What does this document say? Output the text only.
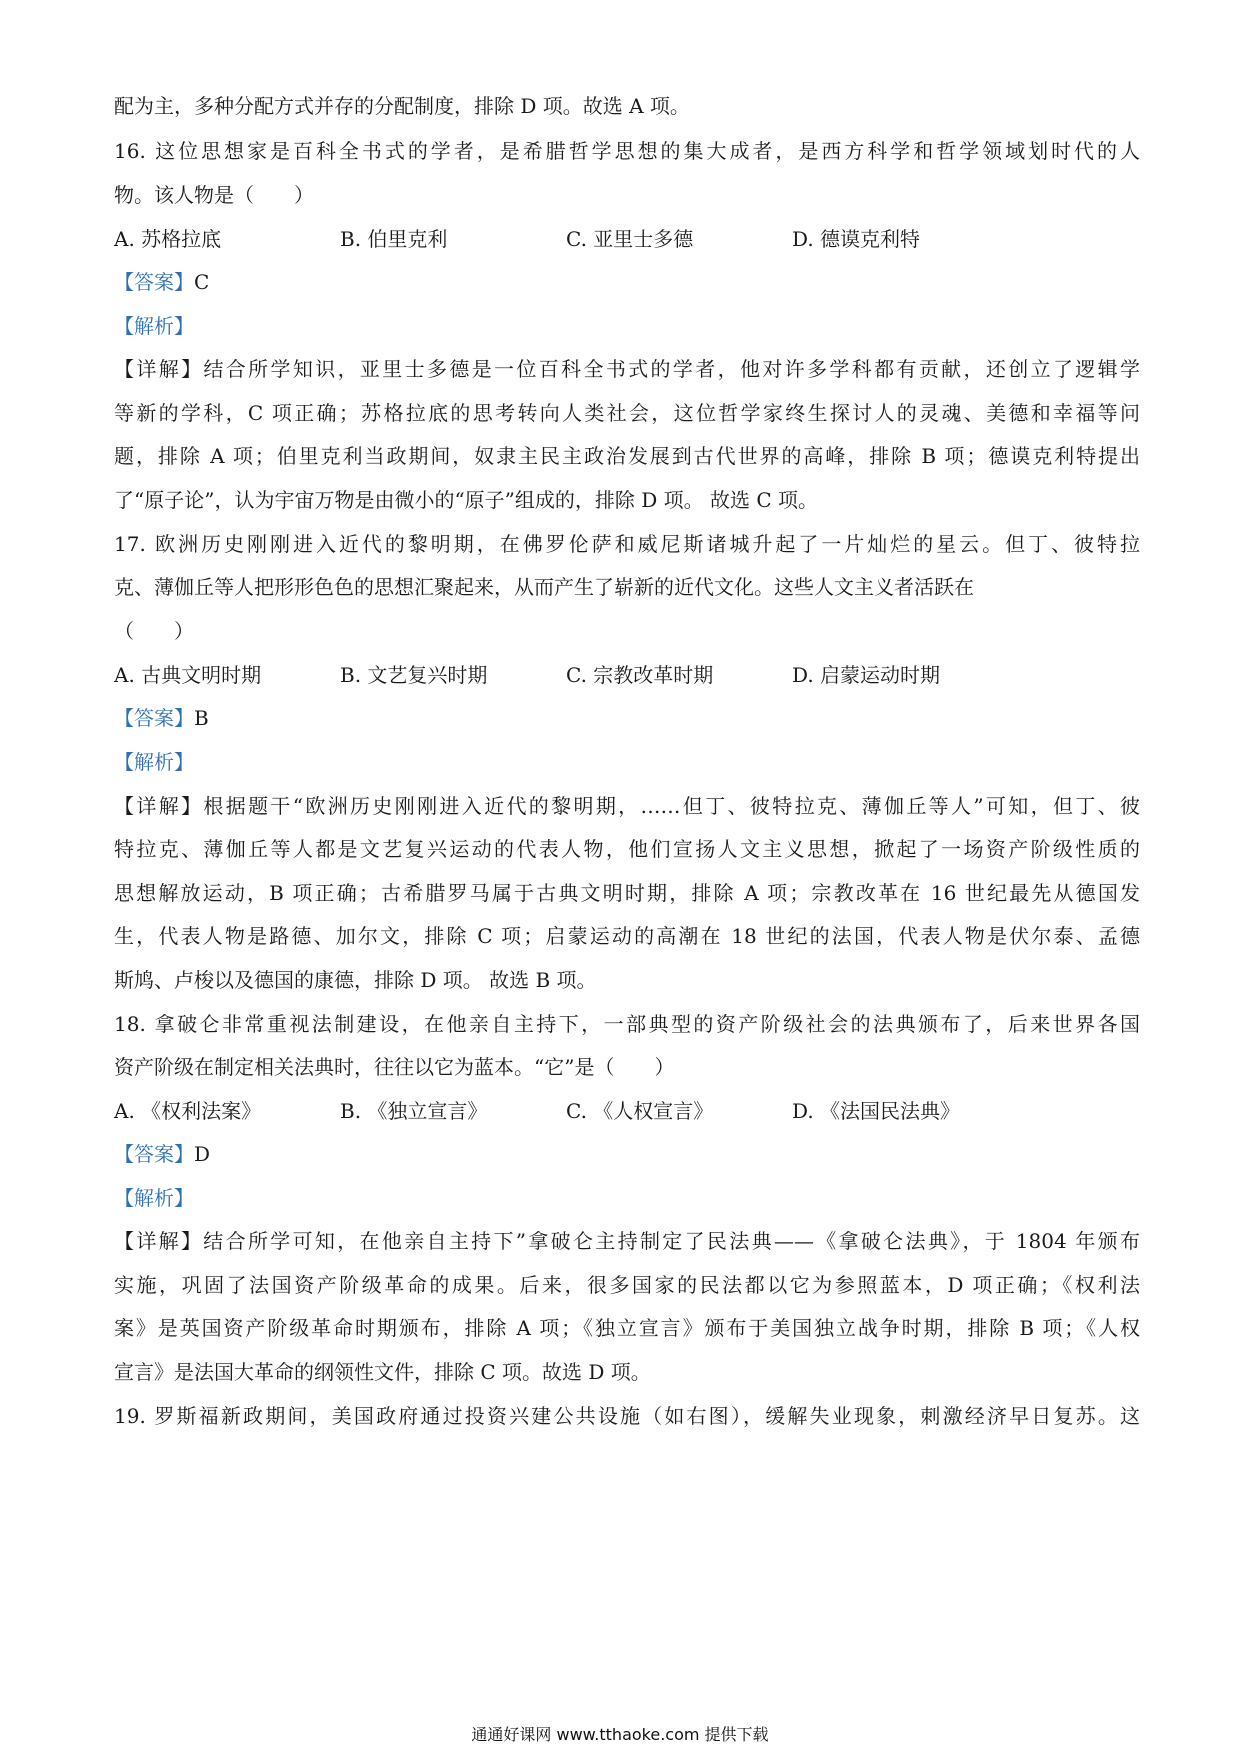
配为主，多种分配方式并存的分配制度，排除 D 项。故选 A 项。
16. 这位思想家是百科全书式的学者，是希腊哲学思想的集大成者，是西方科学和哲学领域划时代的人
物。该人物是（　　）
A. 苏格拉底	B. 伯里克利	C. 亚里士多德	D. 德谟克利特
【答案】C
【解析】
【详解】结合所学知识，亚里士多德是一位百科全书式的学者，他对许多学科都有贡献，还创立了逻辑学
等新的学科，C 项正确；苏格拉底的思考转向人类社会，这位哲学家终生探讨人的灵魂、美德和幸福等问
题，排除 A 项；伯里克利当政期间，奴隶主民主政治发展到古代世界的高峰，排除 B 项；德谟克利特提出
了“原子论”，认为宇宙万物是由微小的“原子”组成的，排除 D 项。 故选 C 项。
17. 欧洲历史刚刚进入近代的黎明期，在佛罗伦萨和威尼斯诸城升起了一片灿烂的星云。但丁、彼特拉
克、薄伽丘等人把形形色色的思想汇聚起来，从而产生了崭新的近代文化。这些人文主义者活跃在
（　　）
A. 古典文明时期	B. 文艺复兴时期	C. 宗教改革时期	D. 启蒙运动时期
【答案】B
【解析】
【详解】根据题干“欧洲历史刚刚进入近代的黎明期，……但丁、彼特拉克、薄伽丘等人”可知，但丁、彼
特拉克、薄伽丘等人都是文艺复兴运动的代表人物，他们宣扬人文主义思想，掀起了一场资产阶级性质的
思想解放运动，B 项正确；古希腊罗马属于古典文明时期，排除 A 项；宗教改革在 16 世纪最先从德国发
生，代表人物是路德、加尔文，排除 C 项；启蒙运动的高潮在 18 世纪的法国，代表人物是伏尔泰、孟德
斯鸠、卢梭以及德国的康德，排除 D 项。 故选 B 项。
18. 拿破仑非常重视法制建设，在他亲自主持下，一部典型的资产阶级社会的法典颁布了，后来世界各国
资产阶级在制定相关法典时，往往以它为蓝本。“它”是（　　）
A. 《权利法案》	B. 《独立宣言》	C. 《人权宣言》	D. 《法国民法典》
【答案】D
【解析】
【详解】结合所学可知，在他亲自主持下”拿破仑主持制定了民法典——《拿破仑法典》，于 1804 年颁布
实施，巩固了法国资产阶级革命的成果。后来，很多国家的民法都以它为参照蓝本，D 项正确；《权利法
案》是英国资产阶级革命时期颁布，排除 A 项；《独立宣言》颁布于美国独立战争时期，排除 B 项；《人权
宣言》是法国大革命的纲领性文件，排除 C 项。故选 D 项。
19. 罗斯福新政期间，美国政府通过投资兴建公共设施（如右图），缓解失业现象，刺激经济早日复苏。这
通通好课网 www.tthaoke.com 提供下载
